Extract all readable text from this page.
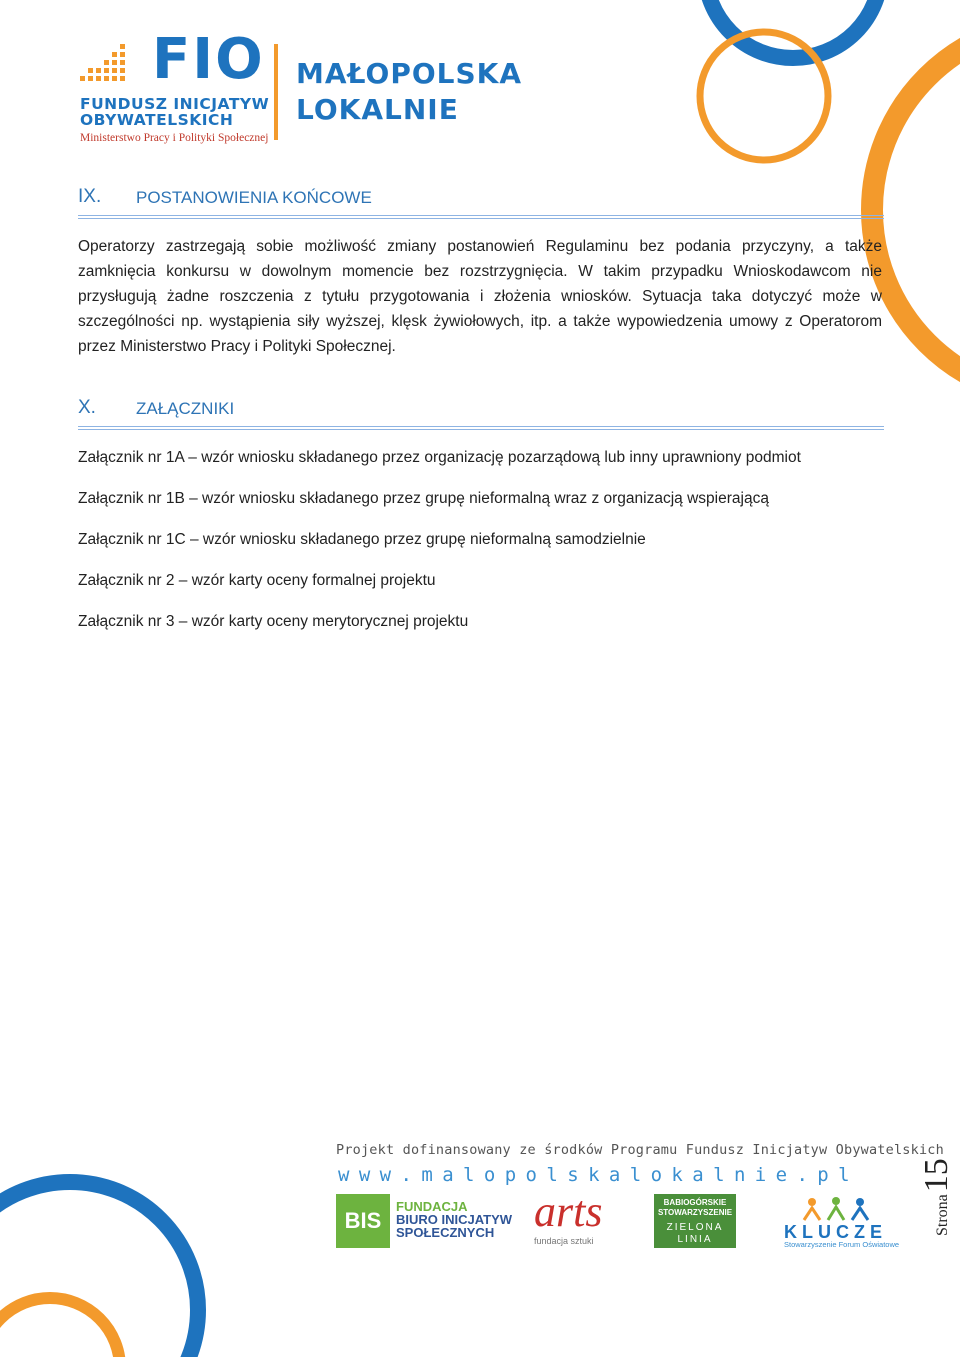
FIO
FUNDUSZ INICJATYW
OBYWATELSKICH
Ministerstwo Pracy i Polityki Społecznej
MAŁOPOLSKA
LOKALNIE
IX. POSTANOWIENIA KOŃCOWE
Operatorzy zastrzegają sobie możliwość zmiany postanowień Regulaminu bez podania przyczyny, a także zamknięcia konkursu w dowolnym momencie bez rozstrzygnięcia. W takim przypadku Wnioskodawcom nie przysługują żadne roszczenia z tytułu przygotowania i złożenia wniosków. Sytuacja taka dotyczyć może w szczególności np. wystąpienia siły wyższej, klęsk żywiołowych, itp. a także wypowiedzenia umowy z Operatorom przez Ministerstwo Pracy i Polityki Społecznej.
X. ZAŁĄCZNIKI
Załącznik nr 1A – wzór wniosku składanego przez organizację pozarządową lub inny uprawniony podmiot
Załącznik nr 1B – wzór wniosku składanego przez grupę nieformalną wraz z organizacją wspierającą
Załącznik nr 1C – wzór wniosku składanego przez grupę nieformalną samodzielnie
Załącznik nr 2 – wzór karty oceny formalnej projektu
Załącznik nr 3 – wzór karty oceny merytorycznej projektu
Projekt dofinansowany ze środków Programu Fundusz Inicjatyw Obywatelskich
www.malopolskalokalnie.pl
BIS
FUNDACJA
BIURO INICJATYW
SPOŁECZNYCH arts
fundacja sztuki
BABIOGÓRSKIE
STOWARZYSZENIE
ZIELONA
LINIA	KLUCZE
Stowarzyszenie Forum Oświatowe
Strona15
